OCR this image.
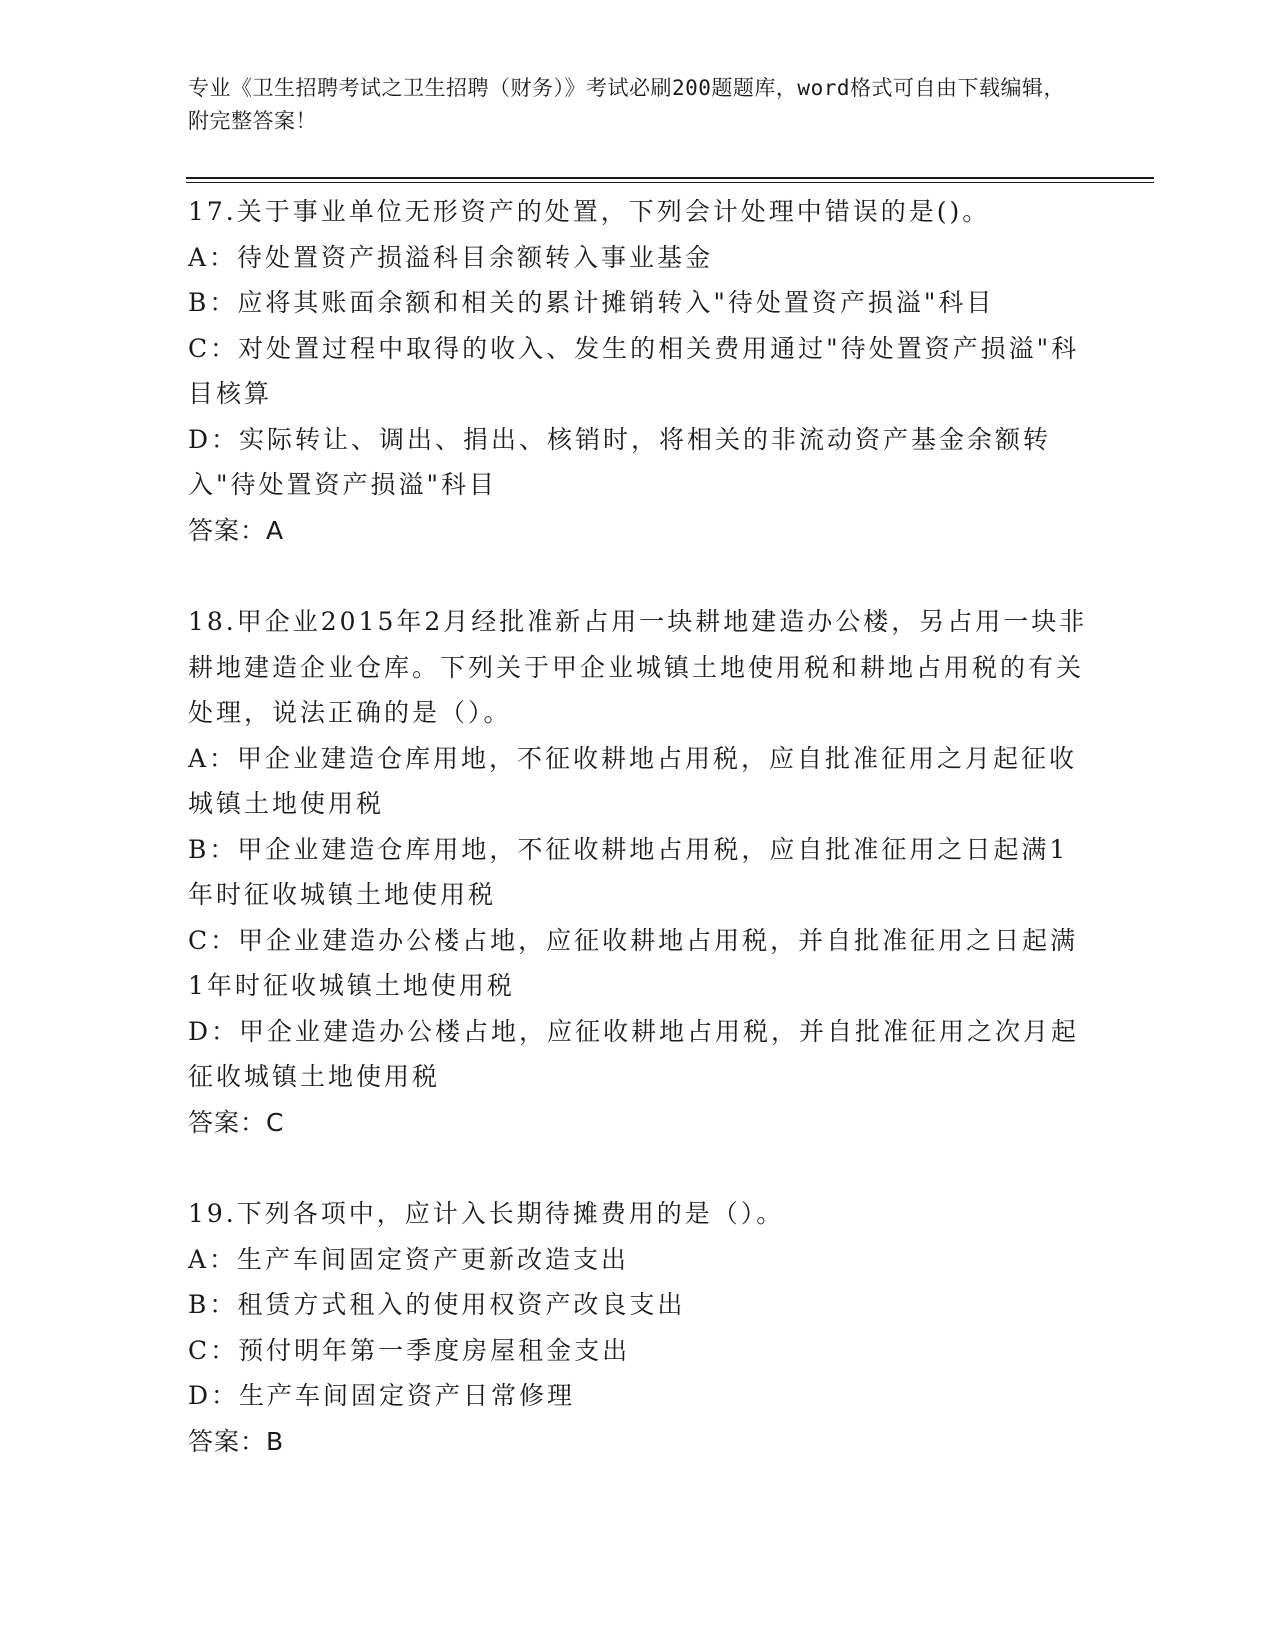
专业《卫生招聘考试之卫生招聘（财务）》考试必刷200题题库，word格式可自由下载编辑，附完整答案！

17.关于事业单位无形资产的处置，下列会计处理中错误的是()。

A：待处置资产损溢科目余额转入事业基金

B：应将其账面余额和相关的累计摊销转入"待处置资产损溢"科目

C：对处置过程中取得的收入、发生的相关费用通过"待处置资产损溢"科目核算

D：实际转让、调出、捐出、核销时，将相关的非流动资产基金余额转入"待处置资产损溢"科目

答案：A

18.甲企业2015年2月经批准新占用一块耕地建造办公楼，另占用一块非耕地建造企业仓库。下列关于甲企业城镇土地使用税和耕地占用税的有关处理，说法正确的是（）。

A：甲企业建造仓库用地，不征收耕地占用税，应自批准征用之月起征收城镇土地使用税

B：甲企业建造仓库用地，不征收耕地占用税，应自批准征用之日起满1年时征收城镇土地使用税

C：甲企业建造办公楼占地，应征收耕地占用税，并自批准征用之日起满1年时征收城镇土地使用税

D：甲企业建造办公楼占地，应征收耕地占用税，并自批准征用之次月起征收城镇土地使用税

答案：C

19.下列各项中，应计入长期待摊费用的是（）。

A：生产车间固定资产更新改造支出

B：租赁方式租入的使用权资产改良支出

C：预付明年第一季度房屋租金支出

D：生产车间固定资产日常修理

答案：B
